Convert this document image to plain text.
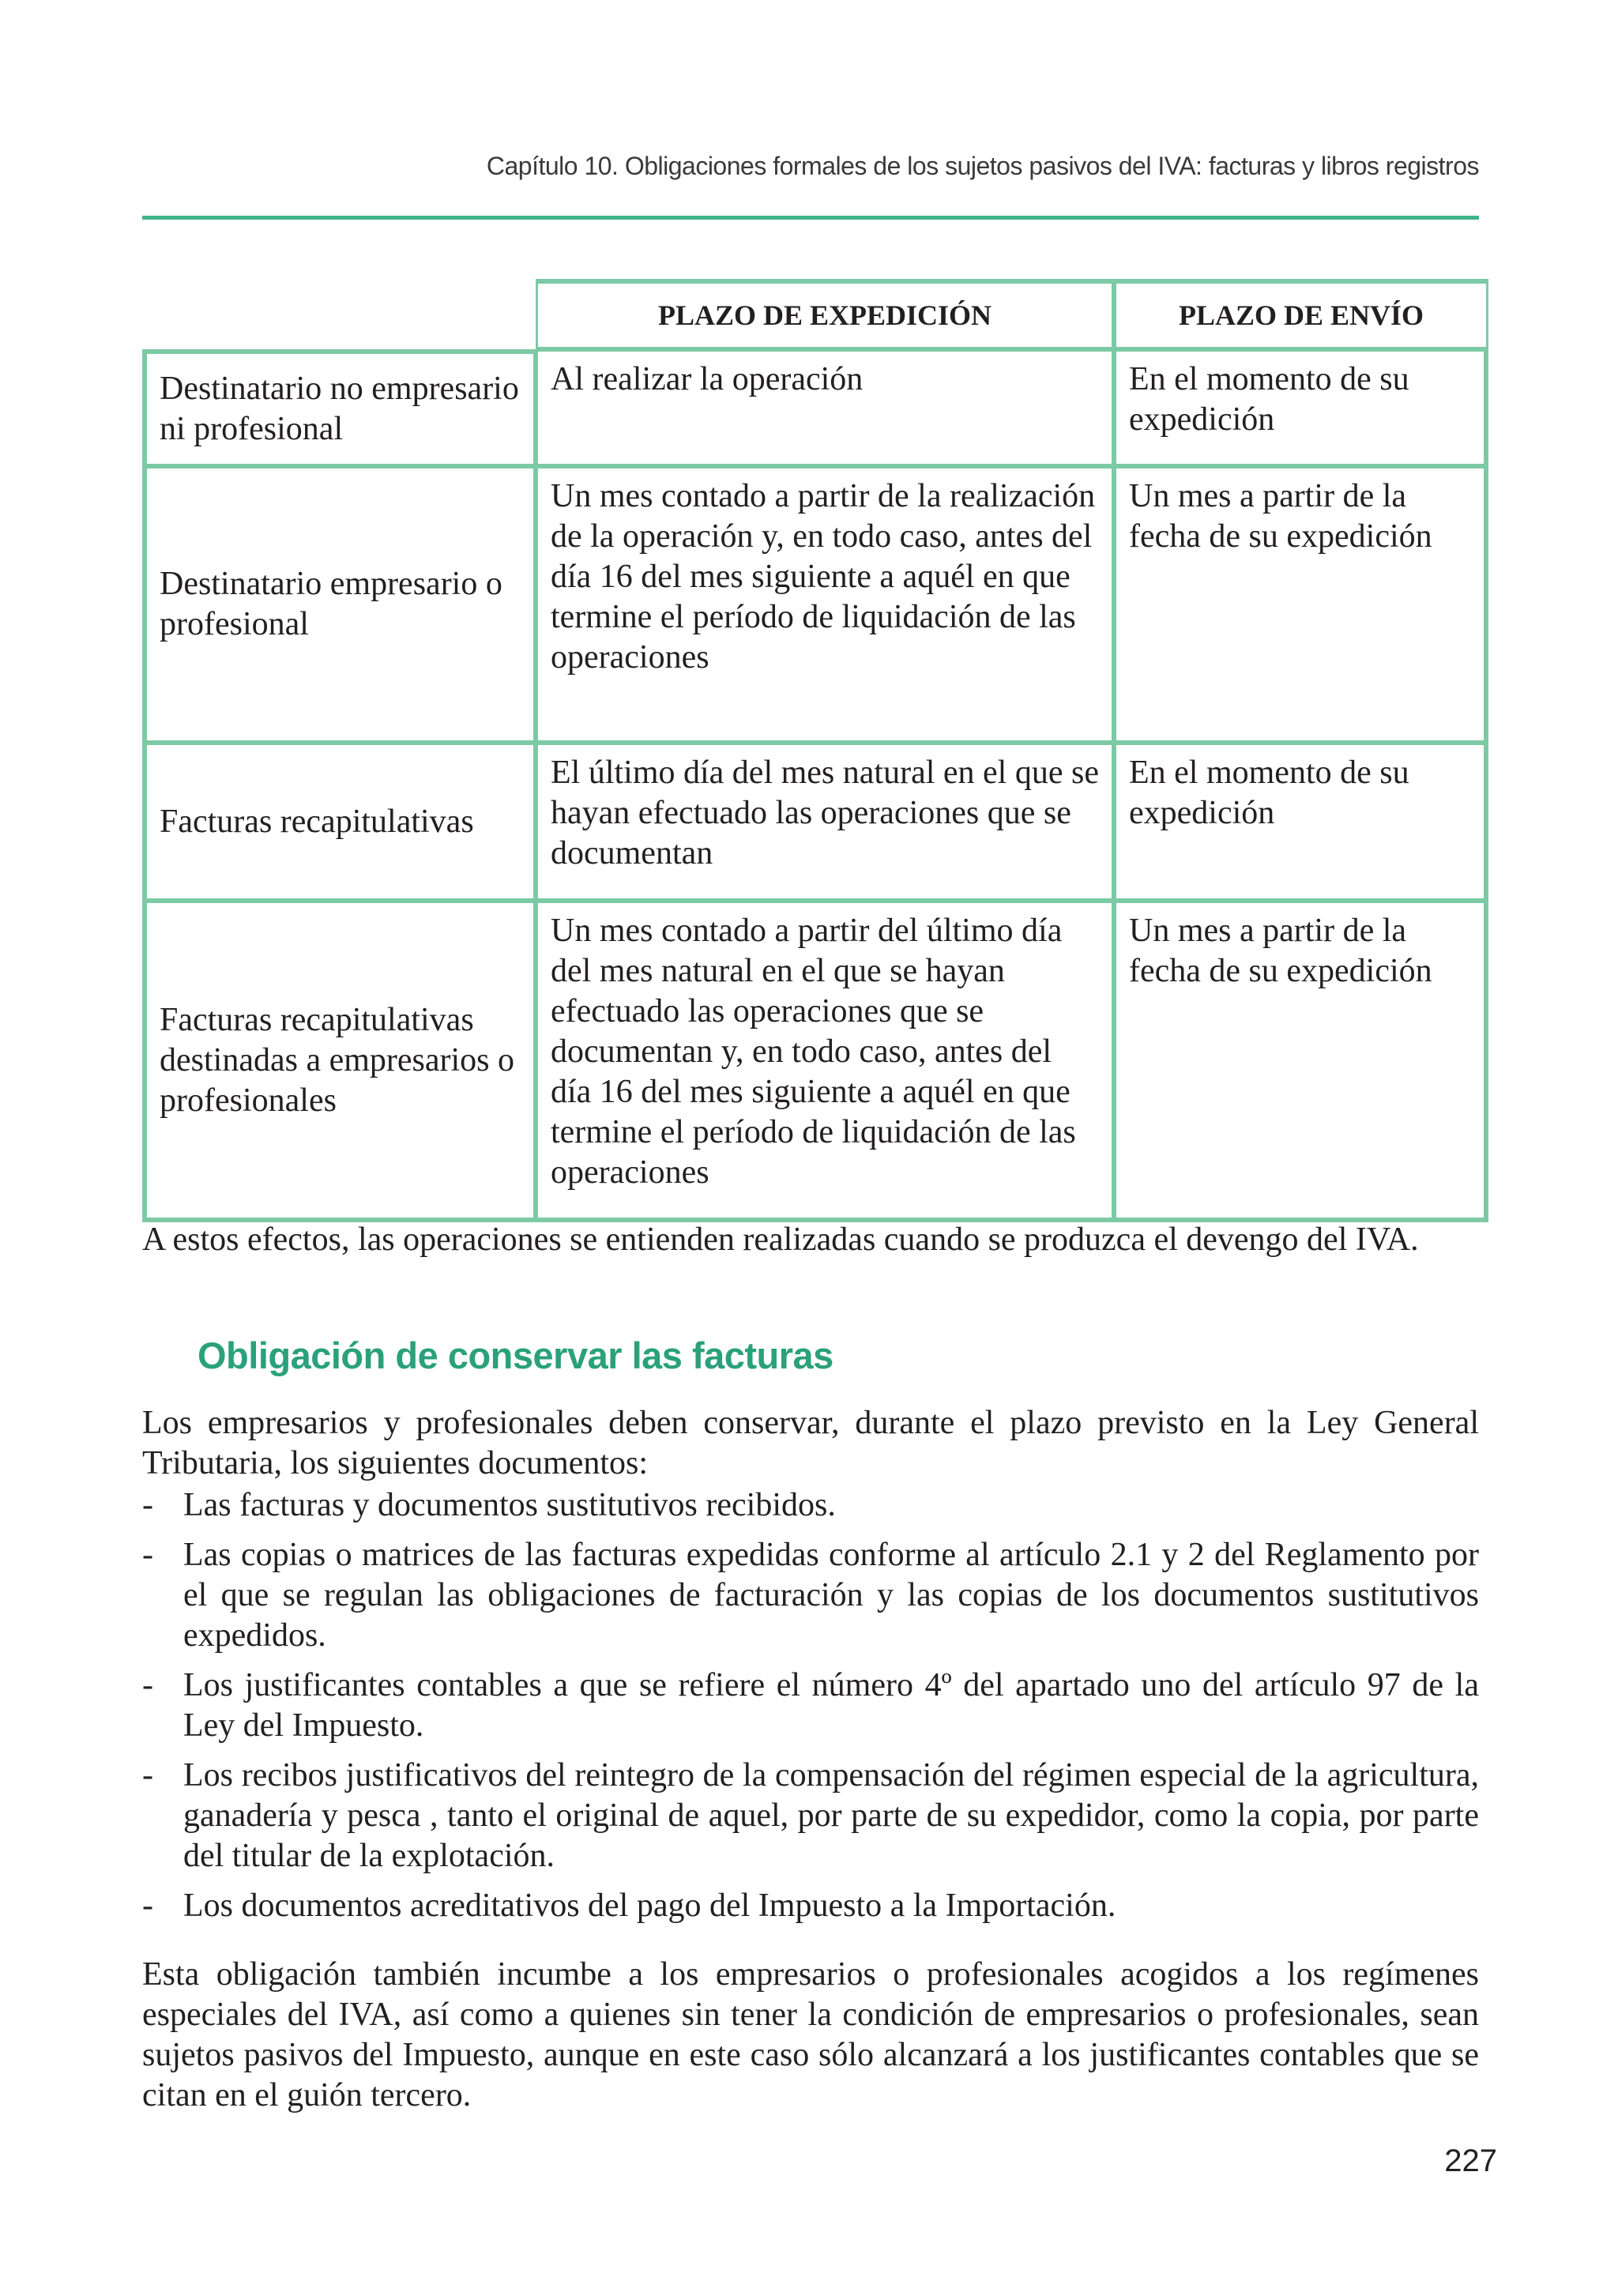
Capítulo 10. Obligaciones formales de los sujetos pasivos del IVA: facturas y libros registros
	PLAZO DE EXPEDICIÓN	PLAZO DE ENVÍO
Destinatario no empresario ni profesional	Al realizar la operación	En el momento de su expedición
Destinatario empresario o profesional	Un mes contado a partir de la realización de la operación y, en todo caso, antes del día 16 del mes siguiente a aquél en que termine el período de liquidación de las operaciones	Un mes a partir de la fecha de su expedición
Facturas recapitulativas	El último día del mes natural en el que se hayan efectuado las operaciones que se documentan	En el momento de su expedición
Facturas recapitulativas destinadas a empresarios o profesionales	Un mes contado a partir del último día del mes natural en el que se hayan efectuado las operaciones que se documentan y, en todo caso, antes del día 16 del mes siguiente a aquél en que termine el período de liquidación de las operaciones	Un mes a partir de la fecha de su expedición

A estos efectos, las operaciones se entienden realizadas cuando se produzca el devengo del IVA.

Obligación de conservar las facturas

Los empresarios y profesionales deben conservar, durante el plazo previsto en la Ley General Tributaria, los siguientes documentos:

- Las facturas y documentos sustitutivos recibidos.
- Las copias o matrices de las facturas expedidas conforme al artículo 2.1 y 2 del Reglamento por el que se regulan las obligaciones de facturación y las copias de los documentos sustitutivos expedidos.
- Los justificantes contables a que se refiere el número 4º del apartado uno del artículo 97 de la Ley del Impuesto.
- Los recibos justificativos del reintegro de la compensación del régimen especial de la agricultura, ganadería y pesca , tanto el original de aquel, por parte de su expedidor, como la copia, por parte del titular de la explotación.
- Los documentos acreditativos del pago del Impuesto a la Importación.

Esta obligación también incumbe a los empresarios o profesionales acogidos a los regímenes especiales del IVA, así como a quienes sin tener la condición de empresarios o profesionales, sean sujetos pasivos del Impuesto, aunque en este caso sólo alcanzará a los justificantes contables que se citan en el guión tercero.

227
